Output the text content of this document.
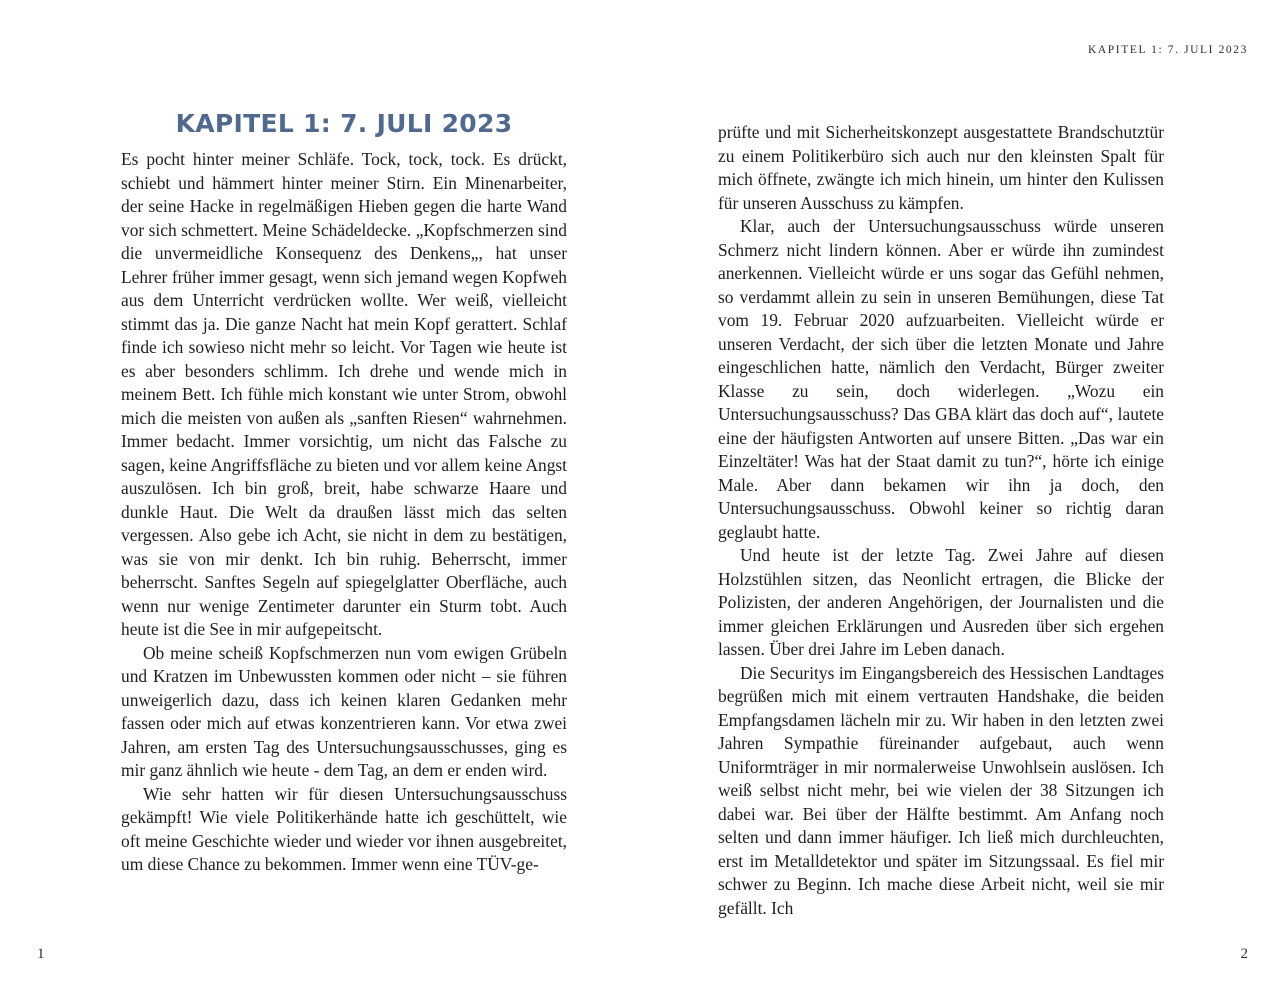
KAPITEL 1: 7. JULI 2023
KAPITEL 1: 7. JULI 2023

Es pocht hinter meiner Schläfe. Tock, tock, tock. Es drückt, schiebt und hämmert hinter meiner Stirn. Ein Minenarbeiter, der seine Hacke in regelmäßigen Hieben gegen die harte Wand vor sich schmettert. Meine Schädeldecke. „Kopfschmerzen sind die unvermeidliche Konsequenz des Denkens„, hat unser Lehrer früher immer gesagt, wenn sich jemand wegen Kopfweh aus dem Unterricht verdrücken wollte. Wer weiß, vielleicht stimmt das ja. Die ganze Nacht hat mein Kopf gerattert. Schlaf finde ich sowieso nicht mehr so leicht. Vor Tagen wie heute ist es aber besonders schlimm. Ich drehe und wende mich in meinem Bett. Ich fühle mich konstant wie unter Strom, obwohl mich die meisten von außen als „sanften Riesen“ wahrnehmen. Immer bedacht. Immer vorsichtig, um nicht das Falsche zu sagen, keine Angriffsfläche zu bieten und vor allem keine Angst auszulösen. Ich bin groß, breit, habe schwarze Haare und dunkle Haut. Die Welt da draußen lässt mich das selten vergessen. Also gebe ich Acht, sie nicht in dem zu bestätigen, was sie von mir denkt. Ich bin ruhig. Beherrscht, immer beherrscht. Sanftes Segeln auf spiegelglatter Oberfläche, auch wenn nur wenige Zentimeter darunter ein Sturm tobt. Auch heute ist die See in mir aufgepeitscht.

Ob meine scheiß Kopfschmerzen nun vom ewigen Grübeln und Kratzen im Unbewussten kommen oder nicht – sie führen unweigerlich dazu, dass ich keinen klaren Gedanken mehr fassen oder mich auf etwas konzentrieren kann. Vor etwa zwei Jahren, am ersten Tag des Untersuchungsausschusses, ging es mir ganz ähnlich wie heute - dem Tag, an dem er enden wird.

Wie sehr hatten wir für diesen Untersuchungsausschuss gekämpft! Wie viele Politikerhände hatte ich geschüttelt, wie oft meine Geschichte wieder und wieder vor ihnen ausgebreitet, um diese Chance zu bekommen. Immer wenn eine TÜV-ge-

prüfte und mit Sicherheitskonzept ausgestattete Brandschutztür zu einem Politikerbüro sich auch nur den kleinsten Spalt für mich öffnete, zwängte ich mich hinein, um hinter den Kulissen für unseren Ausschuss zu kämpfen.

Klar, auch der Untersuchungsausschuss würde unseren Schmerz nicht lindern können. Aber er würde ihn zumindest anerkennen. Vielleicht würde er uns sogar das Gefühl nehmen, so verdammt allein zu sein in unseren Bemühungen, diese Tat vom 19. Februar 2020 aufzuarbeiten. Vielleicht würde er unseren Verdacht, der sich über die letzten Monate und Jahre eingeschlichen hatte, nämlich den Verdacht, Bürger zweiter Klasse zu sein, doch widerlegen. „Wozu ein Untersuchungsausschuss? Das GBA klärt das doch auf“, lautete eine der häufigsten Antworten auf unsere Bitten. „Das war ein Einzeltäter! Was hat der Staat damit zu tun?“, hörte ich einige Male. Aber dann bekamen wir ihn ja doch, den Untersuchungsausschuss. Obwohl keiner so richtig daran geglaubt hatte.

Und heute ist der letzte Tag. Zwei Jahre auf diesen Holzstühlen sitzen, das Neonlicht ertragen, die Blicke der Polizisten, der anderen Angehörigen, der Journalisten und die immer gleichen Erklärungen und Ausreden über sich ergehen lassen. Über drei Jahre im Leben danach.

Die Securitys im Eingangsbereich des Hessischen Landtages begrüßen mich mit einem vertrauten Handshake, die beiden Empfangsdamen lächeln mir zu. Wir haben in den letzten zwei Jahren Sympathie füreinander aufgebaut, auch wenn Uniformträger in mir normalerweise Unwohlsein auslösen. Ich weiß selbst nicht mehr, bei wie vielen der 38 Sitzungen ich dabei war. Bei über der Hälfte bestimmt. Am Anfang noch selten und dann immer häufiger. Ich ließ mich durchleuchten, erst im Metalldetektor und später im Sitzungssaal. Es fiel mir schwer zu Beginn. Ich mache diese Arbeit nicht, weil sie mir gefällt. Ich

1	2
